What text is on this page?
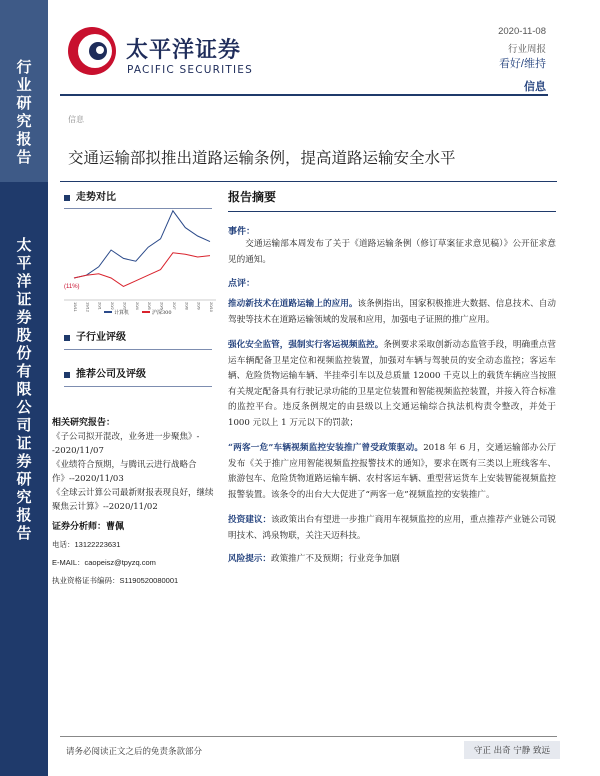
行业研究报告
太平洋证券股份有限公司证券研究报告
太平洋证券
PACIFIC SECURITIES
2020-11-08
行业周报
看好/维持
信息
信息
交通运输部拟推出道路运输条例，提高道路运输安全水平
走势对比
(11%)
19/11 19/12 20/1 20/2 20/3 20/4 20/5 20/6 20/7 20/8 20/9 20/10
计算机	沪深300
子行业评级
推荐公司及评级
相关研究报告：
《子公司拟开混改，业务进一步聚焦》--2020/11/07
《业绩符合预期，与腾讯云进行战略合作》--2020/11/03
《全球云计算公司最新财报表现良好，继续聚焦云计算》--2020/11/02
证券分析师：曹佩
电话：13122223631
E-MAIL：caopeisz@tpyzq.com
执业资格证书编码：S1190520080001
报告摘要
事件：
交通运输部本周发布了关于《道路运输条例（修订草案征求意见稿）》公开征求意见的通知。
点评：
推动新技术在道路运输上的应用。该条例指出，国家积极推进大数据、信息技术、自动驾驶等技术在道路运输领域的发展和应用，加强电子证照的推广应用。
强化安全监管，强制实行客运视频监控。条例要求采取创新动态监管手段，明确重点营运车辆配备卫星定位和视频监控装置，加强对车辆与驾驶员的安全动态监控；客运车辆、危险货物运输车辆、半挂牵引车以及总质量 12000 千克以上的载货车辆应当按照有关规定配备具有行驶记录功能的卫星定位装置和智能视频监控装置，并接入符合标准的监控平台。违反条例规定的由县级以上交通运输综合执法机构责令整改，并处于 1000 元以上 1 万元以下的罚款；
“两客一危”车辆视频监控安装推广曾受政策驱动。2018 年 6 月，交通运输部办公厅发布《关于推广应用智能视频监控报警技术的通知》，要求在既有三类以上班线客车、旅游包车、危险货物道路运输车辆、农村客运车辆、重型营运货车上安装智能视频监控报警装置。该条令的出台大大促进了“两客一危”视频监控的安装推广。
投资建议：该政策出台有望进一步推广商用车视频监控的应用，重点推荐产业链公司锐明技术、鸿泉物联，关注天迈科技。
风险提示：政策推广不及预期；行业竞争加剧
请务必阅读正文之后的免责条款部分	守正 出奇 宁静 致远
